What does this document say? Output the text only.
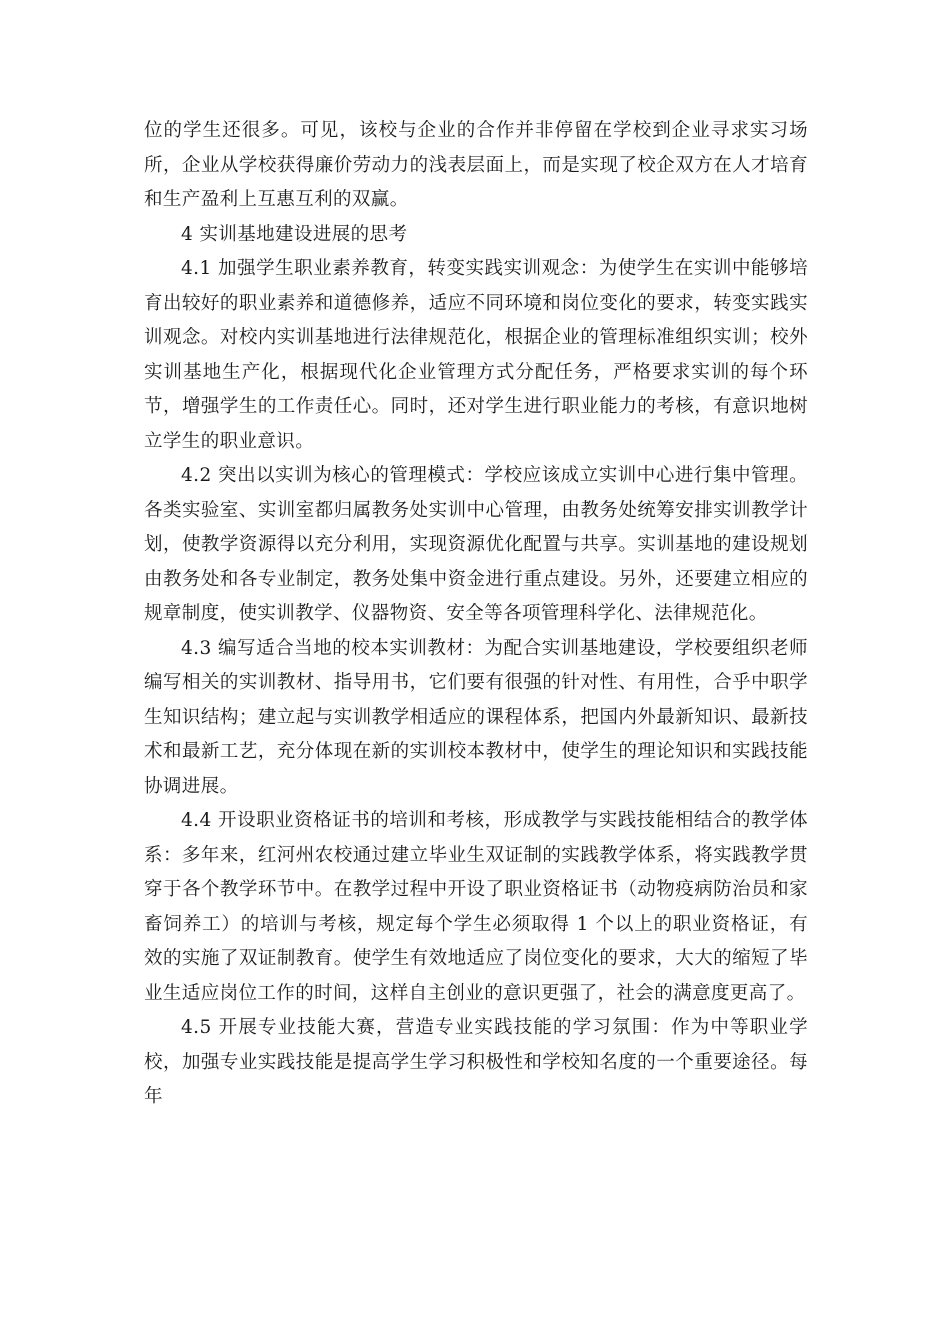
位的学生还很多。可见，该校与企业的合作并非停留在学校到企业寻求实习场所，企业从学校获得廉价劳动力的浅表层面上，而是实现了校企双方在人才培育和生产盈利上互惠互利的双赢。

4 实训基地建设进展的思考

4.1 加强学生职业素养教育，转变实践实训观念：为使学生在实训中能够培育出较好的职业素养和道德修养，适应不同环境和岗位变化的要求，转变实践实训观念。对校内实训基地进行法律规范化，根据企业的管理标准组织实训；校外实训基地生产化，根据现代化企业管理方式分配任务，严格要求实训的每个环节，增强学生的工作责任心。同时，还对学生进行职业能力的考核，有意识地树立学生的职业意识。

4.2 突出以实训为核心的管理模式：学校应该成立实训中心进行集中管理。各类实验室、实训室都归属教务处实训中心管理，由教务处统筹安排实训教学计划，使教学资源得以充分利用，实现资源优化配置与共享。实训基地的建设规划由教务处和各专业制定，教务处集中资金进行重点建设。另外，还要建立相应的规章制度，使实训教学、仪器物资、安全等各项管理科学化、法律规范化。

4.3 编写适合当地的校本实训教材：为配合实训基地建设，学校要组织老师编写相关的实训教材、指导用书，它们要有很强的针对性、有用性，合乎中职学生知识结构；建立起与实训教学相适应的课程体系，把国内外最新知识、最新技术和最新工艺，充分体现在新的实训校本教材中，使学生的理论知识和实践技能协调进展。

4.4 开设职业资格证书的培训和考核，形成教学与实践技能相结合的教学体系：多年来，红河州农校通过建立毕业生双证制的实践教学体系，将实践教学贯穿于各个教学环节中。在教学过程中开设了职业资格证书（动物疫病防治员和家畜饲养工）的培训与考核，规定每个学生必须取得 1 个以上的职业资格证，有效的实施了双证制教育。使学生有效地适应了岗位变化的要求，大大的缩短了毕业生适应岗位工作的时间，这样自主创业的意识更强了，社会的满意度更高了。

4.5 开展专业技能大赛，营造专业实践技能的学习氛围：作为中等职业学校，加强专业实践技能是提高学生学习积极性和学校知名度的一个重要途径。每年
